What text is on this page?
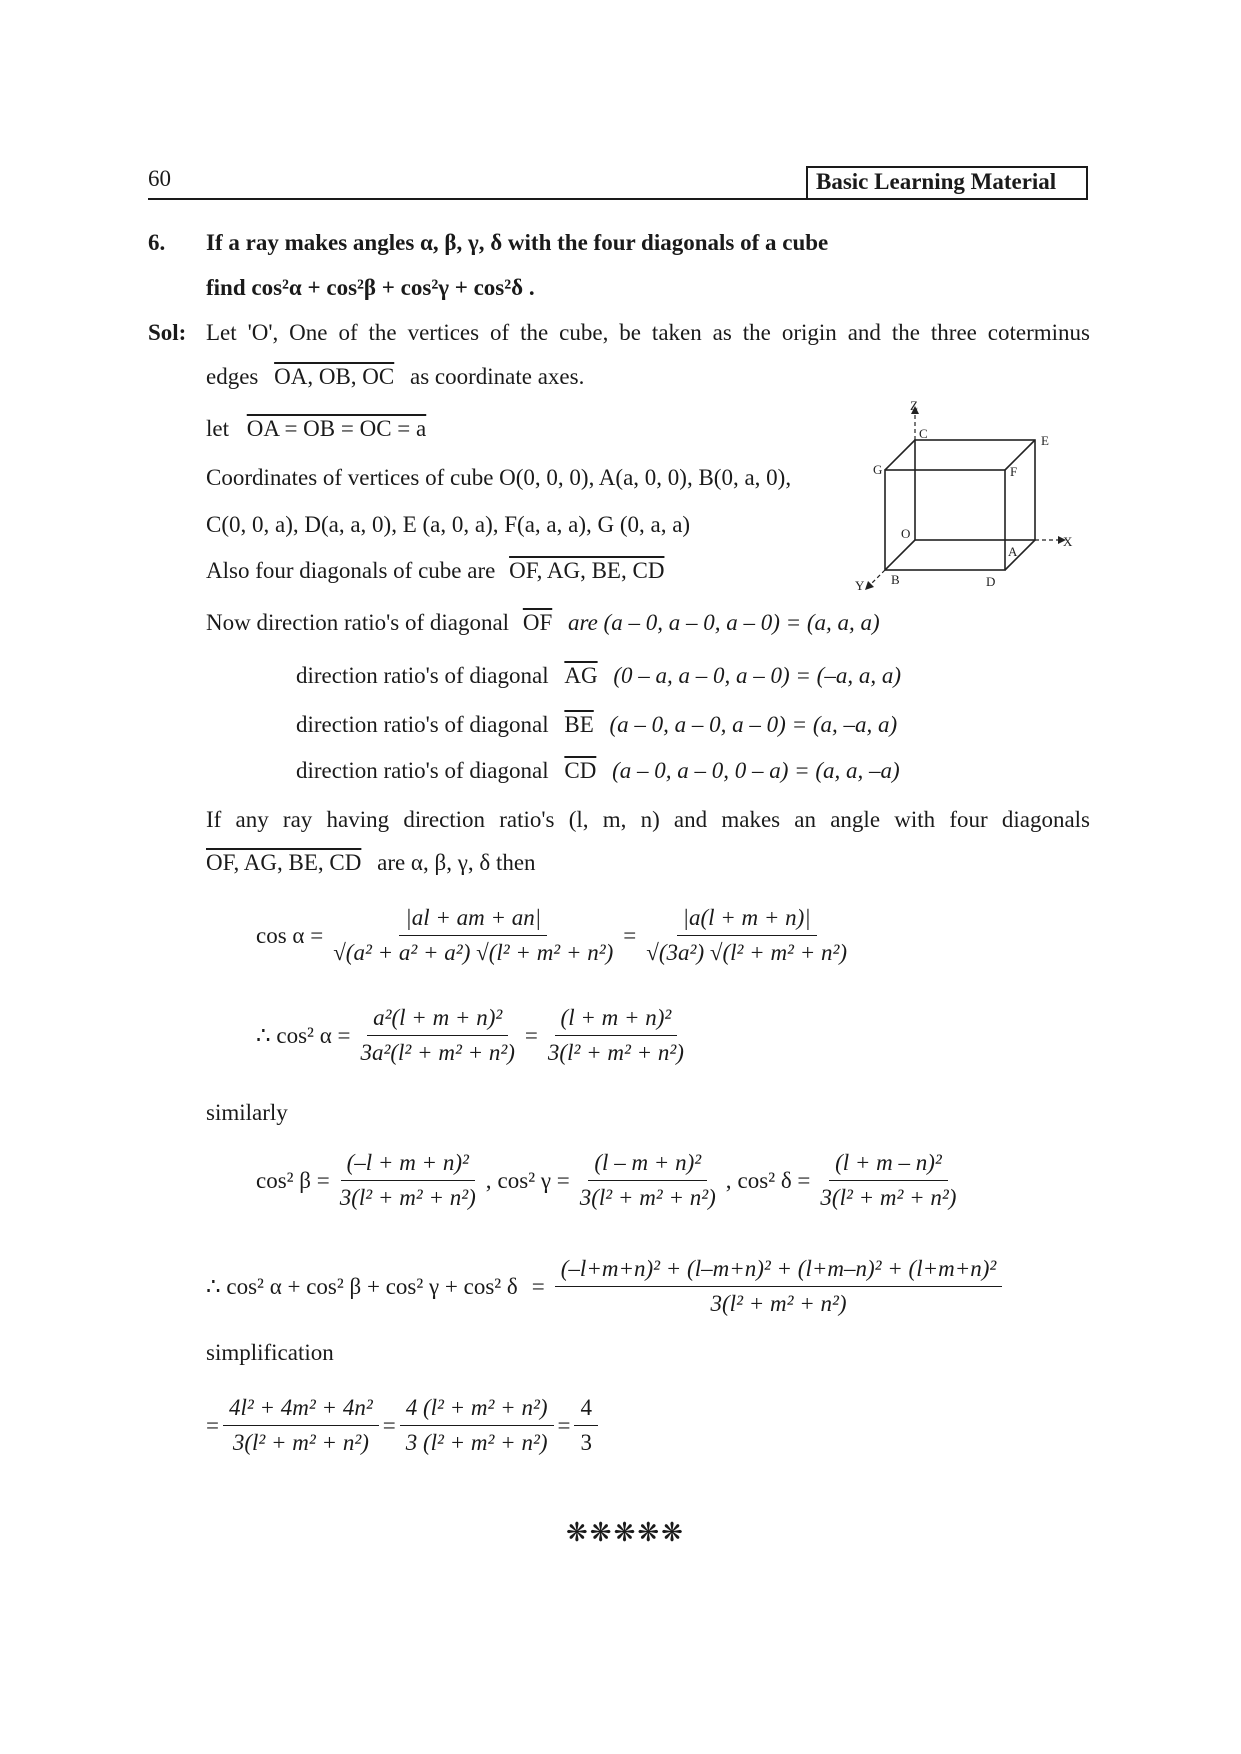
60	Basic Learning Material
6. If a ray makes angles α, β, γ, δ with the four diagonals of a cube
find cos²α + cos²β + cos²γ + cos²δ .
Sol: Let 'O', One of the vertices of the cube, be taken as the origin and the three coterminus
edges OA, OB, OC as coordinate axes.
let OA = OB = OC = a
Coordinates of vertices of cube O(0, 0, 0), A(a, 0, 0), B(0, a, 0),
C(0, 0, a), D(a, a, 0), E (a, 0, a), F(a, a, a), G (0, a, a)
Also four diagonals of cube are OF, AG, BE, CD
Z
C	E
G	F
O
X
A
Y B	D
Now direction ratio's of diagonal $\overline{OF}$ are (a – 0, a – 0, a – 0) = (a, a, a)
direction ratio's of diagonal $\overline{AG}$ (0 – a, a – 0, a – 0) = (–a, a, a)
direction ratio's of diagonal $\overline{BE}$ (a – 0, a – 0, a – 0) = (a, –a, a)
direction ratio's of diagonal $\overline{CD}$ (a – 0, a – 0, 0 – a) = (a, a, –a)
If any ray having direction ratio's (l, m, n) and makes an angle with four diagonals
OF, AG, BE, CD are α, β, γ, δ then
$\cos \alpha = \frac{|al + am + an|}{\text{√(a² + a² + a²) √(l² + m² + n²)}} = \frac{|a(l + m + n)|}{\text{√(3a²) √(l² + m² + n²)}}$
∴ cos² $\alpha = \frac{\text{a²(l + m + n)²}}{\text{3a²(l² + m² + n²)}} = \frac{\text{(l + m + n)²}}{\text{3(l² + m² + n²)}}$
similarly
cos² $\beta = \frac{\text{(–l + m + n)²}}{\text{3(l² + m² + n²)}}$ , cos² $\gamma = \frac{\text{(l – m + n)²}}{\text{3(l² + m² + n²)}}$ , cos² $\delta = \frac{\text{(l + m – n)²}}{\text{3(l² + m² + n²)}}$
∴ cos² α + cos² β + cos² γ + cos² $\delta = \frac{\text{(–l+m+n)² + (l–m+n)² + (l+m–n)² + (l+m+n)²}}{\text{3(l² + m² + n²)}}$
simplification
= $\frac{\text{4l² + 4m² + 4n²}}{\text{3(l² + m² + n²)}} = \frac{\text{4 (l² + m² + n²)}}{\text{3 (l² + m² + n²)}} = \frac{4}{3}$
❋❋❋❋❋
